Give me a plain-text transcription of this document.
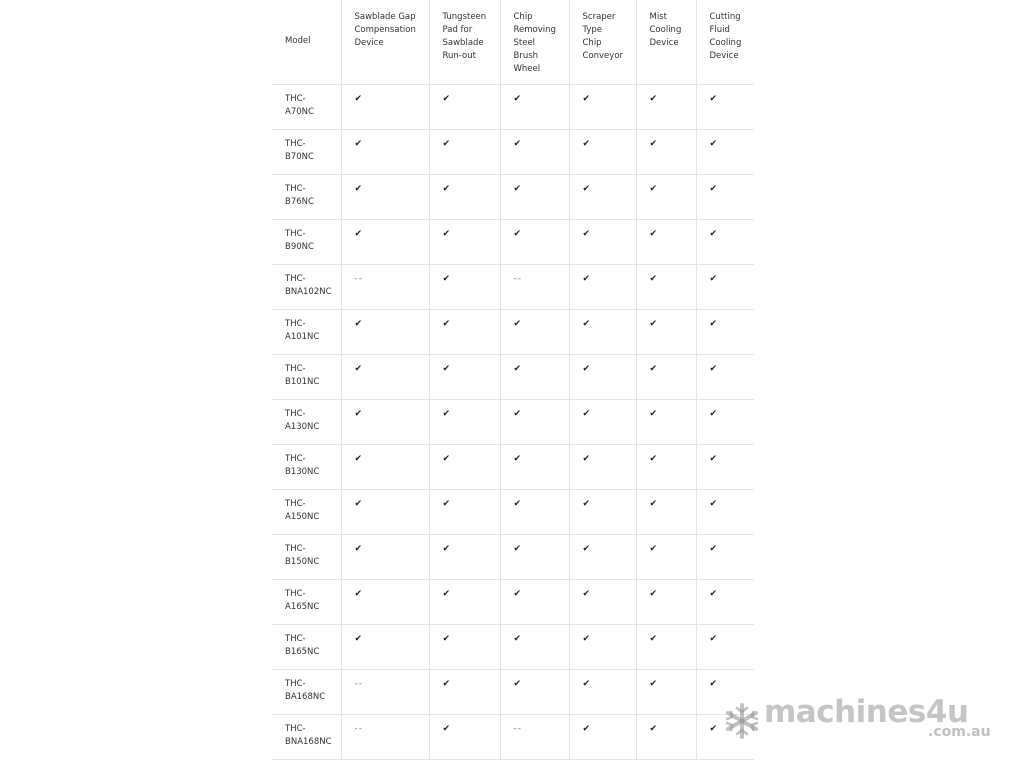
Model	Sawblade Gap
Compensation
Device	Tungsteen
Pad for
Sawblade
Run-out	Chip
Removing
Steel
Brush
Wheel	Scraper
Type
Chip
Conveyor	Mist
Cooling
Device	Cutting
Fluid
Cooling
Device

THC-
A70NC	✔	✔	✔	✔	✔	✔

THC-
B70NC	✔	✔	✔	✔	✔	✔

THC-
B76NC	✔	✔	✔	✔	✔	✔

THC-
B90NC	✔	✔	✔	✔	✔	✔

THC-
BNA102NC	--	✔	--	✔	✔	✔

THC-
A101NC	✔	✔	✔	✔	✔	✔

THC-
B101NC	✔	✔	✔	✔	✔	✔

THC-
A130NC	✔	✔	✔	✔	✔	✔

THC-
B130NC	✔	✔	✔	✔	✔	✔

THC-
A150NC	✔	✔	✔	✔	✔	✔

THC-
B150NC	✔	✔	✔	✔	✔	✔

THC-
A165NC	✔	✔	✔	✔	✔	✔

THC-
B165NC	✔	✔	✔	✔	✔	✔

THC-
BA168NC	--	✔	✔	✔	✔	✔

THC-
BNA168NC	--	✔	--	✔	✔	✔ machines4u
.com.au
